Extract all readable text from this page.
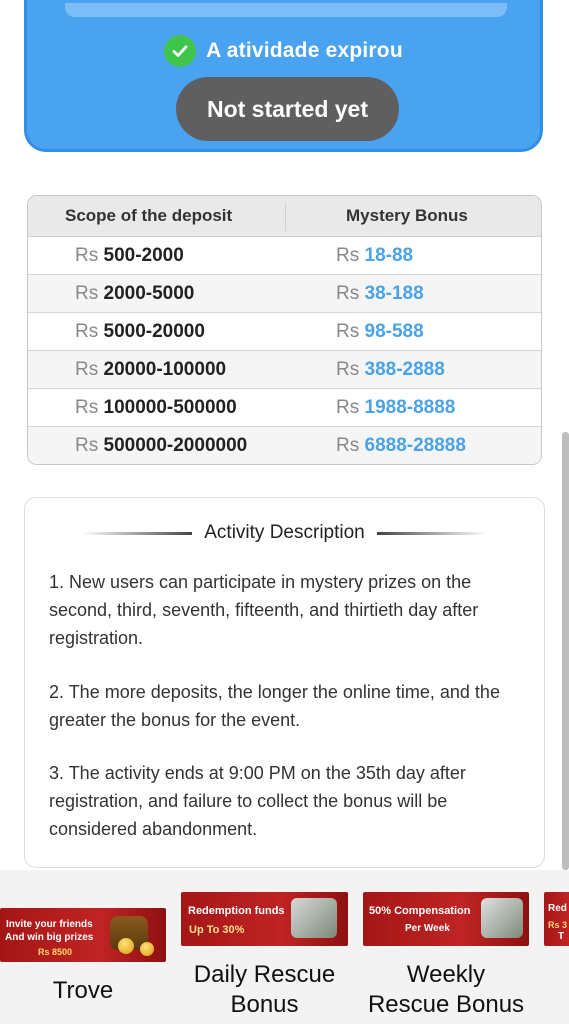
A atividade expirou
Not started yet
Scope of the deposit	Mystery Bonus
Rs 500-2000	Rs 18-88
Rs 2000-5000	Rs 38-188
Rs 5000-20000	Rs 98-588
Rs 20000-100000	Rs 388-2888
Rs 100000-500000	Rs 1988-8888
Rs 500000-2000000	Rs 6888-28888
Activity Description

1. New users can participate in mystery prizes on the second, third, seventh, fifteenth, and thirtieth day after registration.

2. The more deposits, the longer the online time, and the greater the bonus for the event.

3. The activity ends at 9:00 PM on the 35th day after registration, and failure to collect the bonus will be considered abandonment.

Invite your friends
And win big prizes
Rs 8500
Trove
Redemption funds
Up To 30%
Daily Rescue Bonus
50% Compensation
Per Week
Weekly Rescue Bonus
Red
Rs 3
T
